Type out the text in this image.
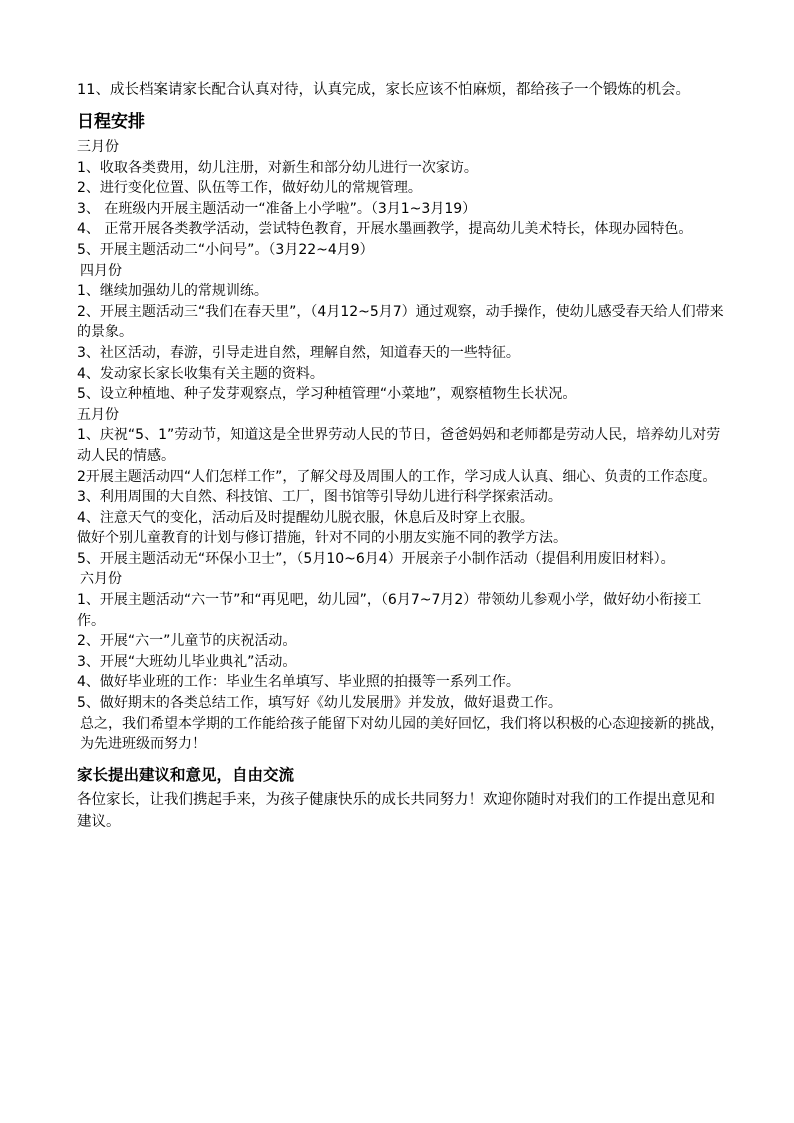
11、成长档案请家长配合认真对待，认真完成，家长应该不怕麻烦，都给孩子一个锻炼的机会。

日程安排

三月份

1、收取各类费用，幼儿注册，对新生和部分幼儿进行一次家访。

2、进行变化位置、队伍等工作，做好幼儿的常规管理。

3、 在班级内开展主题活动一“准备上小学啦”。（3月1~3月19）

4、 正常开展各类教学活动，尝试特色教育，开展水墨画教学，提高幼儿美术特长，体现办园特色。

5、开展主题活动二“小问号”。（3月22~4月9）

四月份

1、继续加强幼儿的常规训练。

2、开展主题活动三“我们在春天里”，（4月12~5月7）通过观察，动手操作，使幼儿感受春天给人们带来的景象。

3、社区活动，春游，引导走进自然，理解自然，知道春天的一些特征。

4、发动家长家长收集有关主题的资料。

5、设立种植地、种子发芽观察点，学习种植管理“小菜地”，观察植物生长状况。

五月份

1、庆祝“5、1”劳动节，知道这是全世界劳动人民的节日，爸爸妈妈和老师都是劳动人民，培养幼儿对劳动人民的情感。

2开展主题活动四“人们怎样工作”，了解父母及周围人的工作，学习成人认真、细心、负责的工作态度。

3、利用周围的大自然、科技馆、工厂，图书馆等引导幼儿进行科学探索活动。

4、注意天气的变化，活动后及时提醒幼儿脱衣服，休息后及时穿上衣服。

做好个别儿童教育的计划与修订措施，针对不同的小朋友实施不同的教学方法。

5、开展主题活动无“环保小卫士”，（5月10~6月4）开展亲子小制作活动（提倡利用废旧材料）。

六月份

1、开展主题活动“六一节”和“再见吧，幼儿园”，（6月7~7月2）带领幼儿参观小学，做好幼小衔接工作。

2、开展“六一”儿童节的庆祝活动。

3、开展“大班幼儿毕业典礼”活动。

4、做好毕业班的工作：毕业生名单填写、毕业照的拍摄等一系列工作。

5、做好期末的各类总结工作，填写好《幼儿发展册》并发放，做好退费工作。

总之，我们希望本学期的工作能给孩子能留下对幼儿园的美好回忆，我们将以积极的心态迎接新的挑战，为先进班级而努力！

家长提出建议和意见，自由交流

各位家长，让我们携起手来，为孩子健康快乐的成长共同努力！欢迎你随时对我们的工作提出意见和建议。
